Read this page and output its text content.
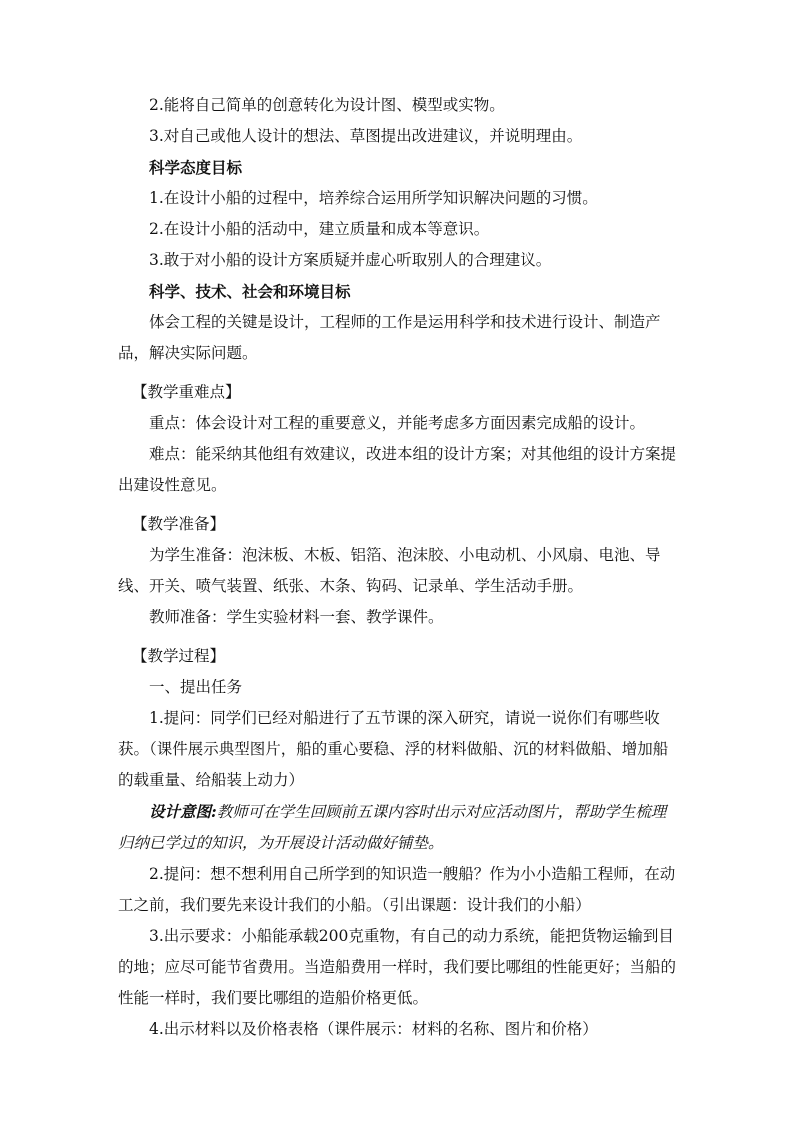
2.能将自己简单的创意转化为设计图、模型或实物。

3.对自己或他人设计的想法、草图提出改进建议，并说明理由。

科学态度目标

1.在设计小船的过程中，培养综合运用所学知识解决问题的习惯。

2.在设计小船的活动中，建立质量和成本等意识。

3.敢于对小船的设计方案质疑并虚心听取别人的合理建议。

科学、技术、社会和环境目标

体会工程的关键是设计，工程师的工作是运用科学和技术进行设计、制造产品，解决实际问题。

【教学重难点】

重点：体会设计对工程的重要意义，并能考虑多方面因素完成船的设计。

难点：能采纳其他组有效建议，改进本组的设计方案；对其他组的设计方案提出建设性意见。

【教学准备】

为学生准备：泡沫板、木板、铝箔、泡沫胶、小电动机、小风扇、电池、导线、开关、喷气装置、纸张、木条、钩码、记录单、学生活动手册。

教师准备：学生实验材料一套、教学课件。

【教学过程】

一、提出任务

1.提问：同学们已经对船进行了五节课的深入研究，请说一说你们有哪些收获。（课件展示典型图片，船的重心要稳、浮的材料做船、沉的材料做船、增加船的载重量、给船装上动力）

设计意图:教师可在学生回顾前五课内容时出示对应活动图片，帮助学生梳理归纳已学过的知识，为开展设计活动做好铺垫。

2.提问：想不想利用自己所学到的知识造一艘船？作为小小造船工程师，在动工之前，我们要先来设计我们的小船。（引出课题：设计我们的小船）

3.出示要求：小船能承载200克重物，有自己的动力系统，能把货物运输到目的地；应尽可能节省费用。当造船费用一样时，我们要比哪组的性能更好；当船的性能一样时，我们要比哪组的造船价格更低。

4.出示材料以及价格表格（课件展示：材料的名称、图片和价格）
